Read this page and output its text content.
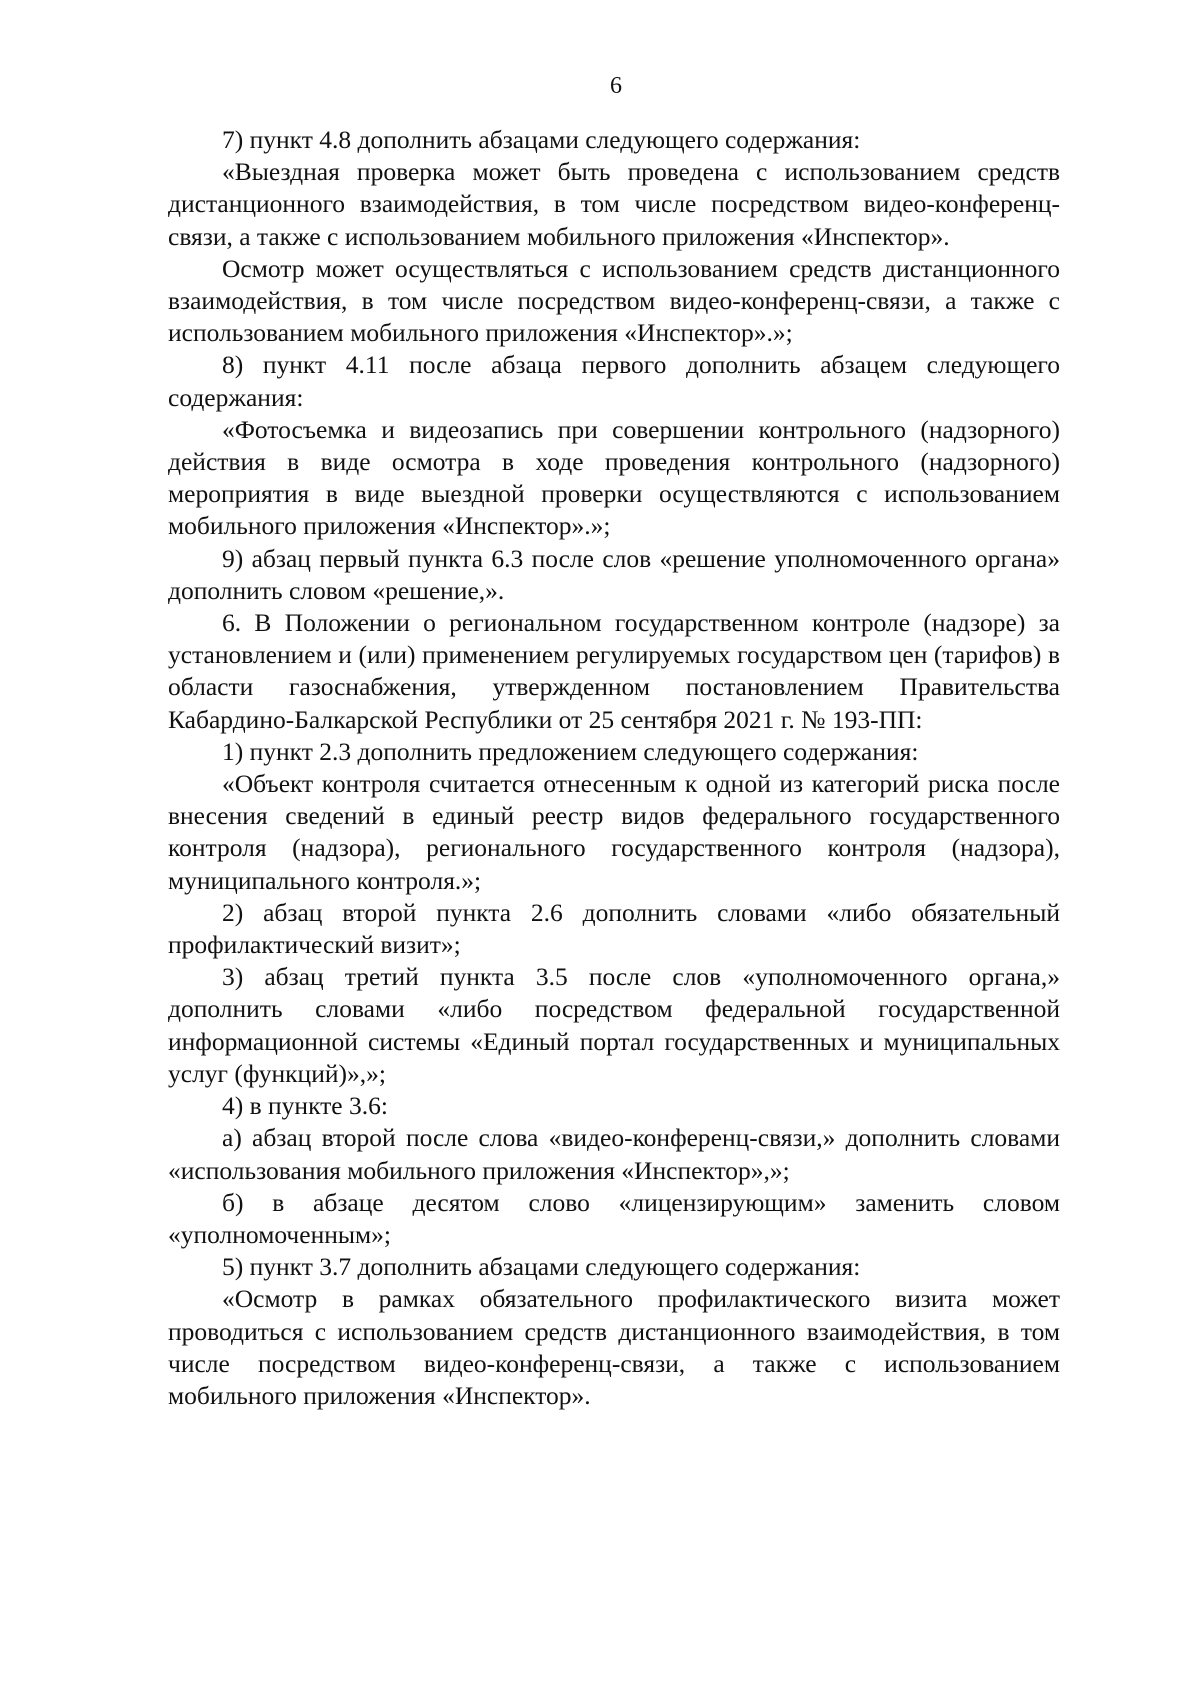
6

7) пункт 4.8 дополнить абзацами следующего содержания:

«Выездная проверка может быть проведена с использованием средств дистанционного взаимодействия, в том числе посредством видео-конференц-связи, а также с использованием мобильного приложения «Инспектор».

Осмотр может осуществляться с использованием средств дистанционного взаимодействия, в том числе посредством видео-конференц-связи, а также с использованием мобильного приложения «Инспектор».»;

8) пункт 4.11 после абзаца первого дополнить абзацем следующего содержания:

«Фотосъемка и видеозапись при совершении контрольного (надзорного) действия в виде осмотра в ходе проведения контрольного (надзорного) мероприятия в виде выездной проверки осуществляются с использованием мобильного приложения «Инспектор».»;

9) абзац первый пункта 6.3 после слов «решение уполномоченного органа» дополнить словом «решение,».

6. В Положении о региональном государственном контроле (надзоре) за установлением и (или) применением регулируемых государством цен (тарифов) в области газоснабжения, утвержденном постановлением Правительства Кабардино-Балкарской Республики от 25 сентября 2021 г. № 193-ПП:

1) пункт 2.3 дополнить предложением следующего содержания:

«Объект контроля считается отнесенным к одной из категорий риска после внесения сведений в единый реестр видов федерального государственного контроля (надзора), регионального государственного контроля (надзора), муниципального контроля.»;

2) абзац второй пункта 2.6 дополнить словами «либо обязательный профилактический визит»;

3) абзац третий пункта 3.5 после слов «уполномоченного органа,» дополнить словами «либо посредством федеральной государственной информационной системы «Единый портал государственных и муниципальных услуг (функций)»,»;

4) в пункте 3.6:

а) абзац второй после слова «видео-конференц-связи,» дополнить словами «использования мобильного приложения «Инспектор»,»;

б) в абзаце десятом слово «лицензирующим» заменить словом «уполномоченным»;

5) пункт 3.7 дополнить абзацами следующего содержания:

«Осмотр в рамках обязательного профилактического визита может проводиться с использованием средств дистанционного взаимодействия, в том числе посредством видео-конференц-связи, а также с использованием мобильного приложения «Инспектор».
